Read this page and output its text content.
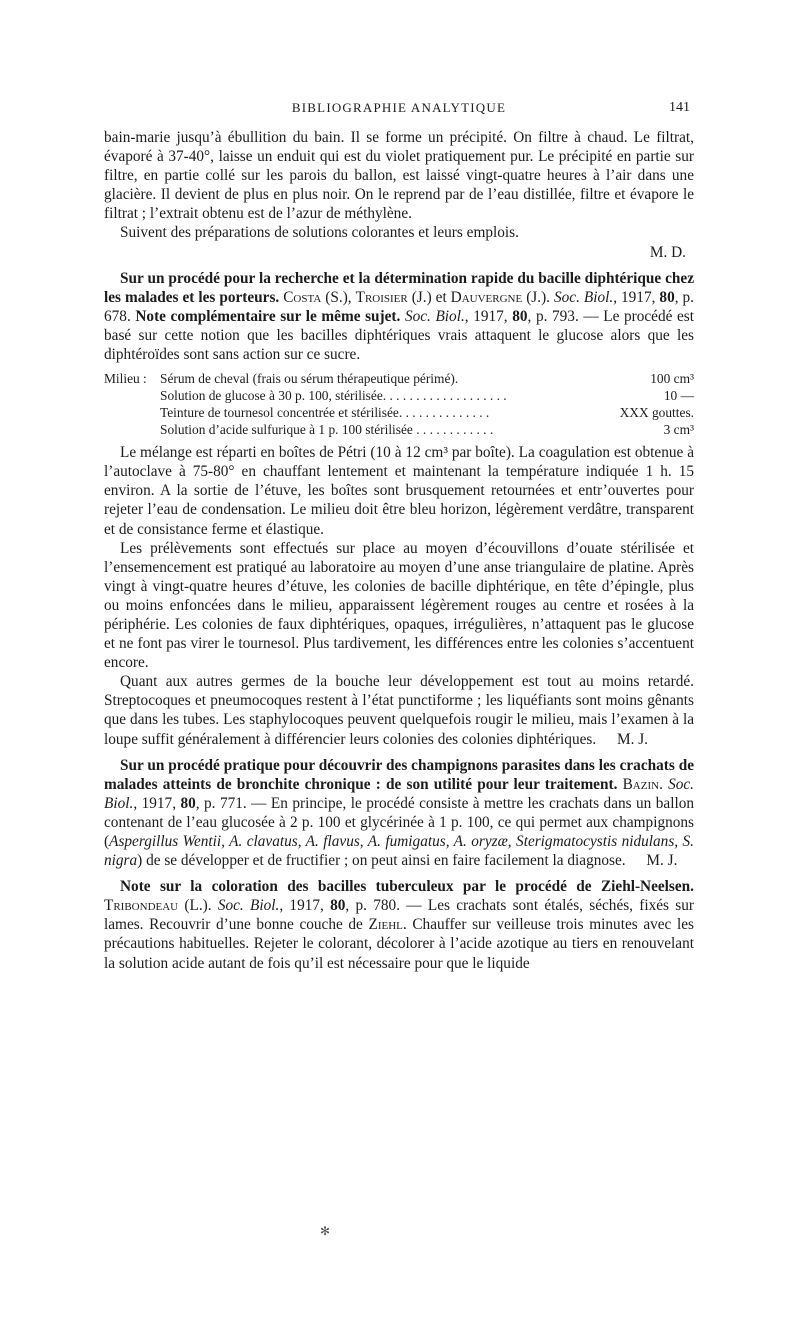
BIBLIOGRAPHIE ANALYTIQUE	141

bain-marie jusqu’à ébullition du bain. Il se forme un précipité. On filtre à chaud. Le filtrat, évaporé à 37-40°, laisse un enduit qui est du violet pratiquement pur. Le précipité en partie sur filtre, en partie collé sur les parois du ballon, est laissé vingt-quatre heures à l’air dans une glacière. Il devient de plus en plus noir. On le reprend par de l’eau distillée, filtre et évapore le filtrat ; l’extrait obtenu est de l’azur de méthylène.

Suivent des préparations de solutions colorantes et leurs emplois.

M. D.

Sur un procédé pour la recherche et la détermination rapide du bacille diphtérique chez les malades et les porteurs. Costa (S.), Troisier (J.) et Dauvergne (J.). Soc. Biol., 1917, 80, p. 678. Note complémentaire sur le même sujet. Soc. Biol., 1917, 80, p. 793. — Le procédé est basé sur cette notion que les bacilles diphtériques vrais attaquent le glucose alors que les diphtéroïdes sont sans action sur ce sucre.

Milieu : Sérum de cheval (frais ou sérum thérapeutique périmé).	100 cm³
Solution de glucose à 30 p. 100, stérilisée. . . . . . . . . . . . . . . . . . .	10 —
Teinture de tournesol concentrée et stérilisée. . . . . . . . . . . . . .	XXX gouttes.
Solution d’acide sulfurique à 1 p. 100 stérilisée . . . . . . . . . . . .	3 cm³

Le mélange est réparti en boîtes de Pétri (10 à 12 cm³ par boîte). La coagulation est obtenue à l’autoclave à 75-80° en chauffant lentement et maintenant la température indiquée 1 h. 15 environ. A la sortie de l’étuve, les boîtes sont brusquement retournées et entr’ouvertes pour rejeter l’eau de condensation. Le milieu doit être bleu horizon, légèrement verdâtre, transparent et de consistance ferme et élastique.

Les prélèvements sont effectués sur place au moyen d’écouvillons d’ouate stérilisée et l’ensemencement est pratiqué au laboratoire au moyen d’une anse triangulaire de platine. Après vingt à vingt-quatre heures d’étuve, les colonies de bacille diphtérique, en tête d’épingle, plus ou moins enfoncées dans le milieu, apparaissent légèrement rouges au centre et rosées à la périphérie. Les colonies de faux diphtériques, opaques, irrégulières, n’attaquent pas le glucose et ne font pas virer le tournesol. Plus tardivement, les différences entre les colonies s’accentuent encore.

Quant aux autres germes de la bouche leur développement est tout au moins retardé. Streptocoques et pneumocoques restent à l’état punctiforme ; les liquéfiants sont moins gênants que dans les tubes. Les staphylocoques peuvent quelquefois rougir le milieu, mais l’examen à la loupe suffit généralement à différencier leurs colonies des colonies diphtériques. M. J.

Sur un procédé pratique pour découvrir des champignons parasites dans les crachats de malades atteints de bronchite chronique : de son utilité pour leur traitement. Bazin. Soc. Biol., 1917, 80, p. 771. — En principe, le procédé consiste à mettre les crachats dans un ballon contenant de l’eau glucosée à 2 p. 100 et glycérinée à 1 p. 100, ce qui permet aux champignons (Aspergillus Wentii, A. clavatus, A. flavus, A. fumigatus, A. oryzæ, Sterigmatocystis nidulans, S. nigra) de se développer et de fructifier ; on peut ainsi en faire facilement la diagnose. M. J.

Note sur la coloration des bacilles tuberculeux par le procédé de Ziehl-Neelsen. Tribondeau (L.). Soc. Biol., 1917, 80, p. 780. — Les crachats sont étalés, séchés, fixés sur lames. Recouvrir d’une bonne couche de Ziehl. Chauffer sur veilleuse trois minutes avec les précautions habituelles. Rejeter le colorant, décolorer à l’acide azotique au tiers en renouvelant la solution acide autant de fois qu’il est nécessaire pour que le liquide

✻
